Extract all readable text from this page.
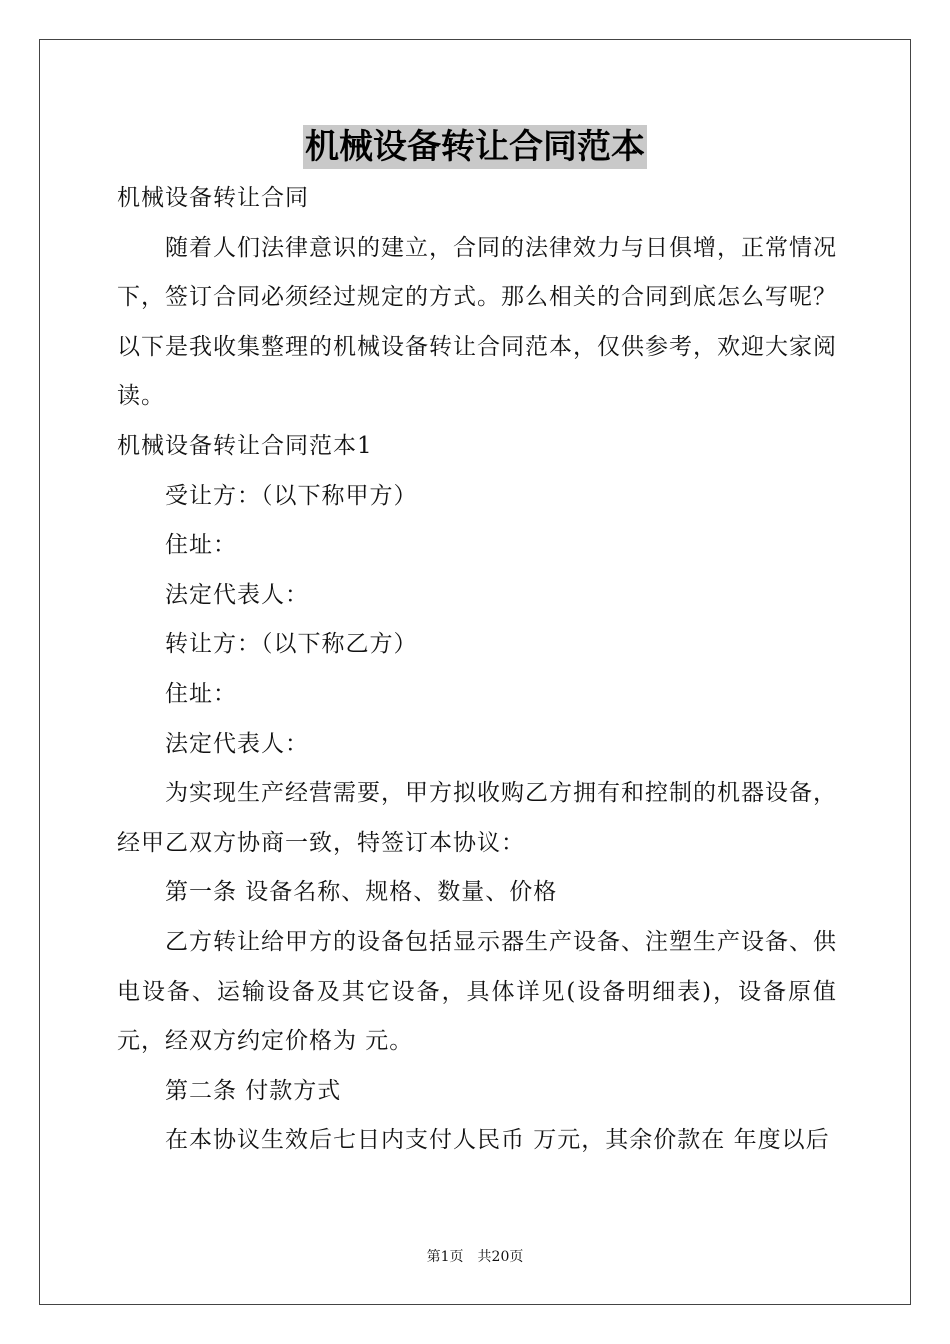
机械设备转让合同范本

机械设备转让合同

随着人们法律意识的建立，合同的法律效力与日俱增，正常情况下，签订合同必须经过规定的方式。那么相关的合同到底怎么写呢？以下是我收集整理的机械设备转让合同范本，仅供参考，欢迎大家阅读。

机械设备转让合同范本1

受让方：（以下称甲方）

住址：

法定代表人：

转让方：（以下称乙方）

住址：

法定代表人：

为实现生产经营需要，甲方拟收购乙方拥有和控制的机器设备，经甲乙双方协商一致，特签订本协议：

第一条 设备名称、规格、数量、价格

乙方转让给甲方的设备包括显示器生产设备、注塑生产设备、供电设备、运输设备及其它设备，具体详见(设备明细表)，设备原值 元，经双方约定价格为 元。

第二条 付款方式

在本协议生效后七日内支付人民币 万元，其余价款在 年度以后

第1页　共20页
